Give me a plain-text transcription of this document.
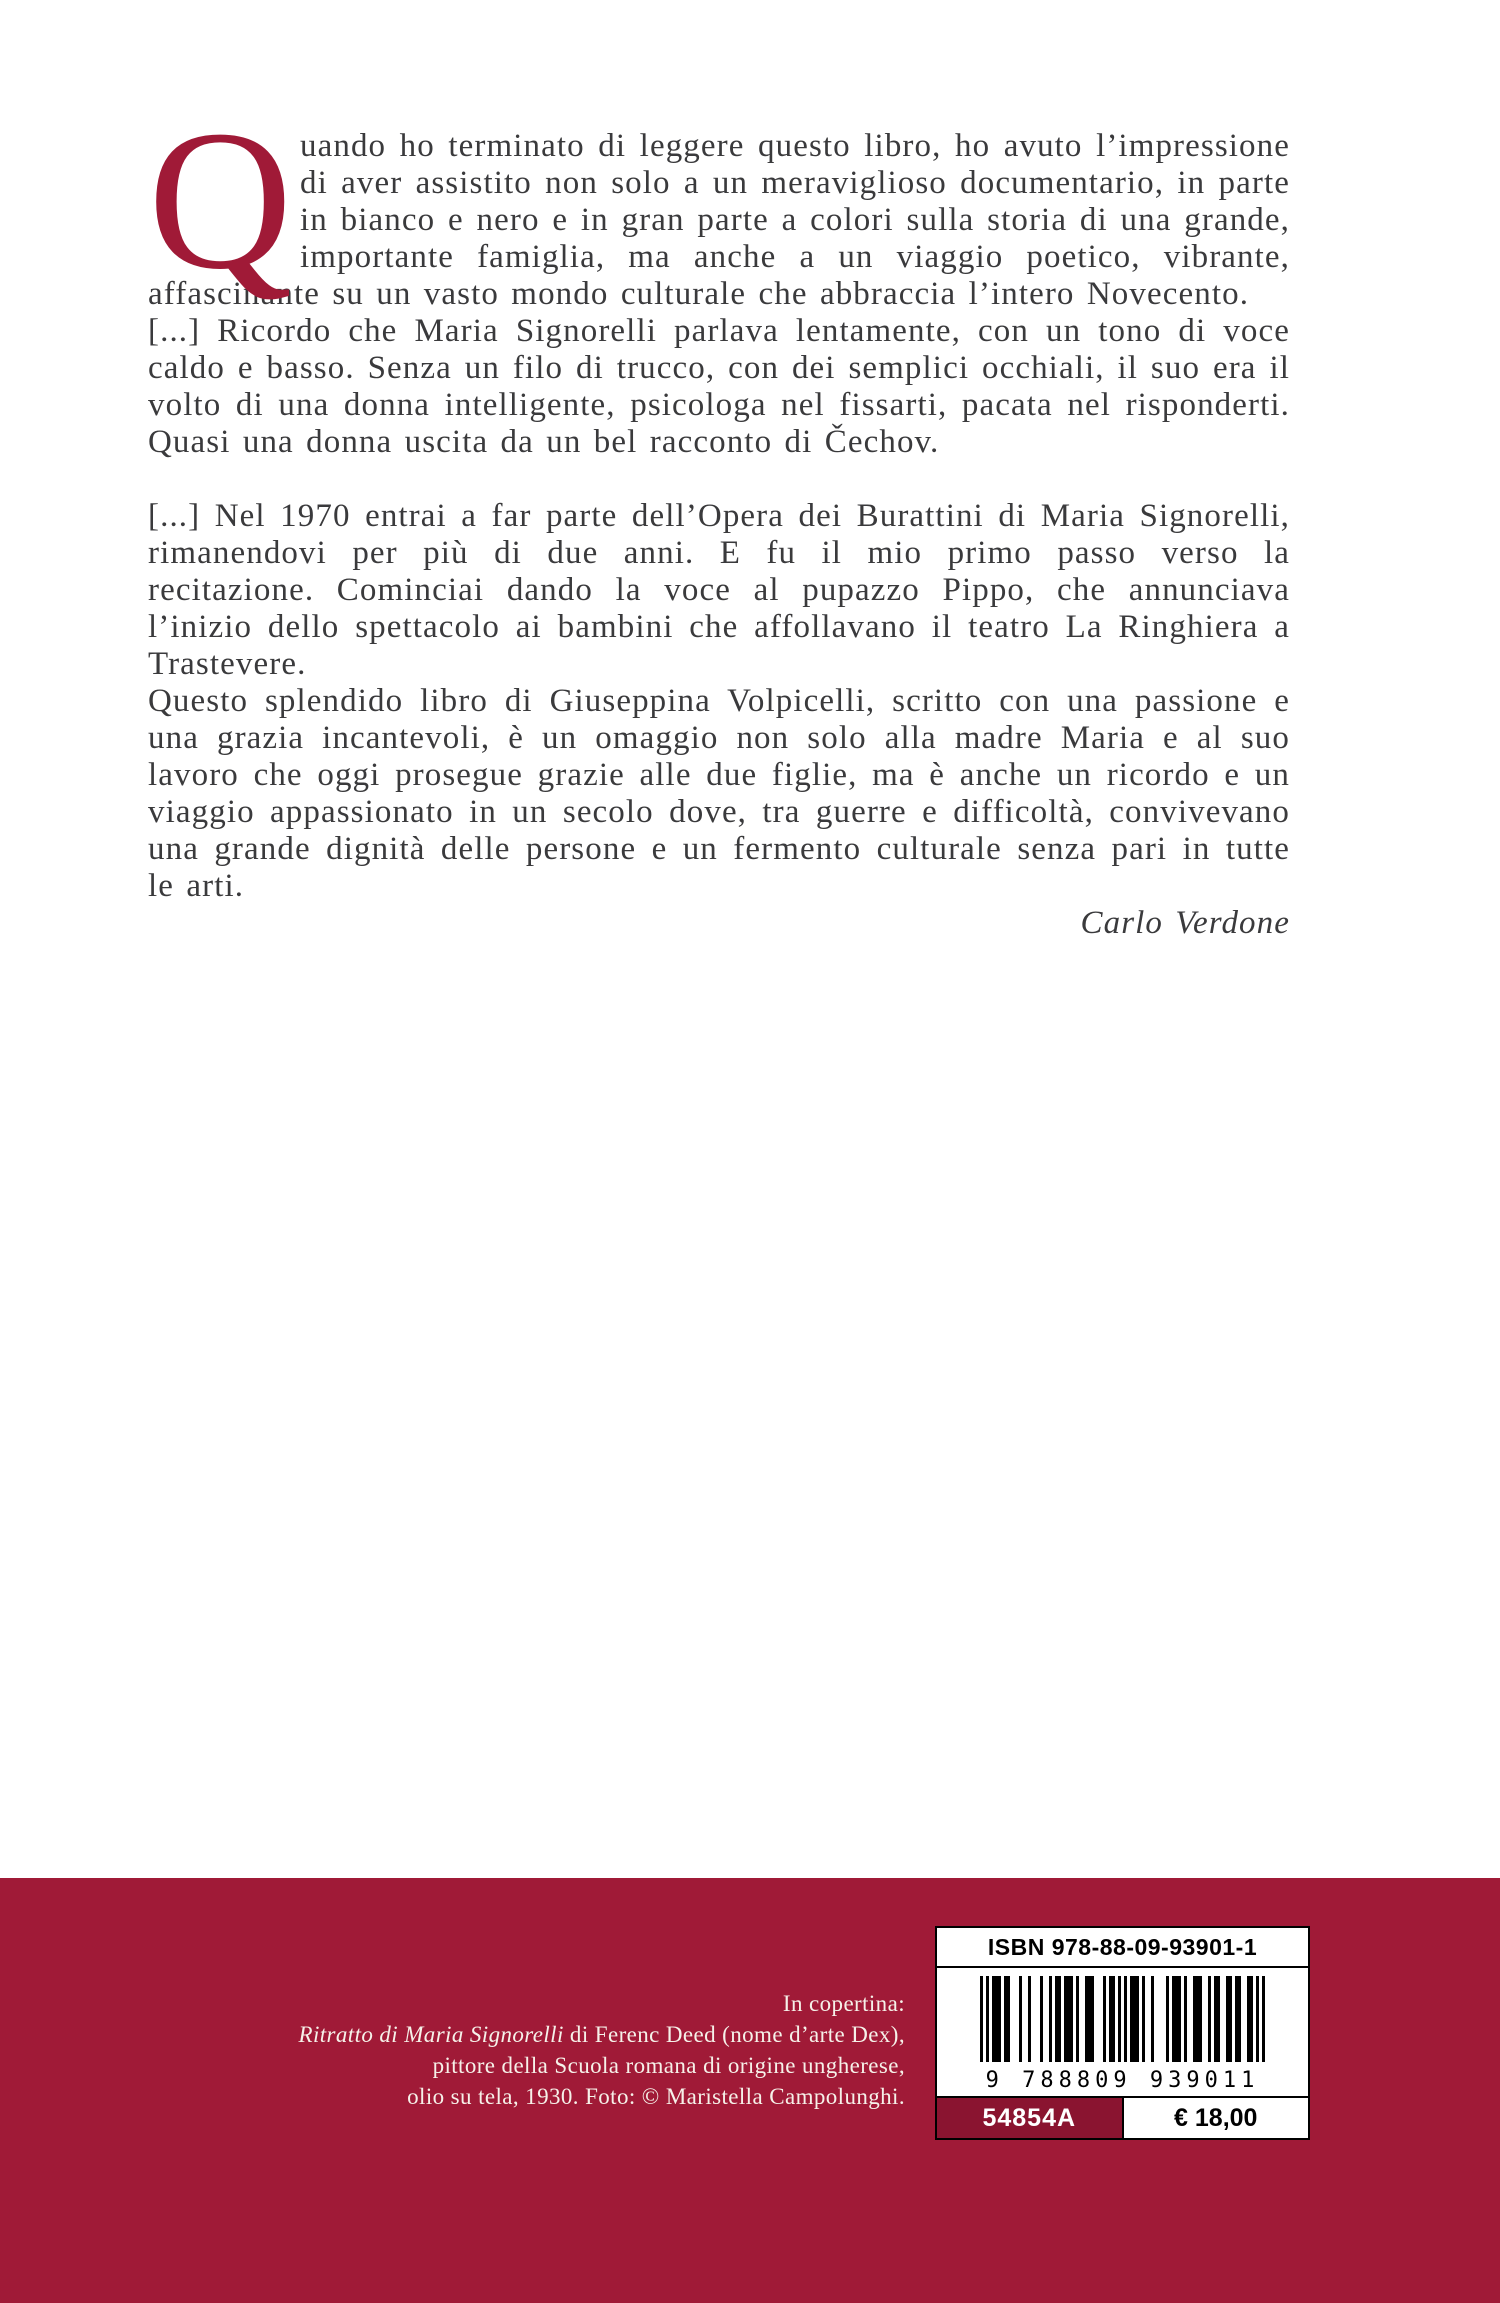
Q uando ho terminato di leggere questo libro, ho avuto l’impressione di aver assistito non solo a un meraviglioso documentario, in parte in bianco e nero e in gran parte a colori sulla storia di una grande, importante famiglia, ma anche a un viaggio poetico, vibrante, affascinante su un vasto mondo culturale che abbraccia l’intero Novecento.

[...] Ricordo che Maria Signorelli parlava lentamente, con un tono di voce caldo e basso. Senza un filo di trucco, con dei semplici occhiali, il suo era il volto di una donna intelligente, psicologa nel fissarti, pacata nel risponderti. Quasi una donna uscita da un bel racconto di Čechov.

[...] Nel 1970 entrai a far parte dell’Opera dei Burattini di Maria Signorelli, rimanendovi per più di due anni. E fu il mio primo passo verso la recitazione. Cominciai dando la voce al pupazzo Pippo, che annunciava l’inizio dello spettacolo ai bambini che affollavano il teatro La Ringhiera a Trastevere.

Questo splendido libro di Giuseppina Volpicelli, scritto con una passione e una grazia incantevoli, è un omaggio non solo alla madre Maria e al suo lavoro che oggi prosegue grazie alle due figlie, ma è anche un ricordo e un viaggio appassionato in un secolo dove, tra guerre e difficoltà, convivevano una grande dignità delle persone e un fermento culturale senza pari in tutte le arti.

Carlo Verdone

In copertina:
Ritratto di Maria Signorelli di Ferenc Deed (nome d’arte Dex),
pittore della Scuola romana di origine ungherese,
olio su tela, 1930. Foto: © Maristella Campolunghi.
ISBN 978-88-09-93901-1
9 788809 939011
54854A	€ 18,00
